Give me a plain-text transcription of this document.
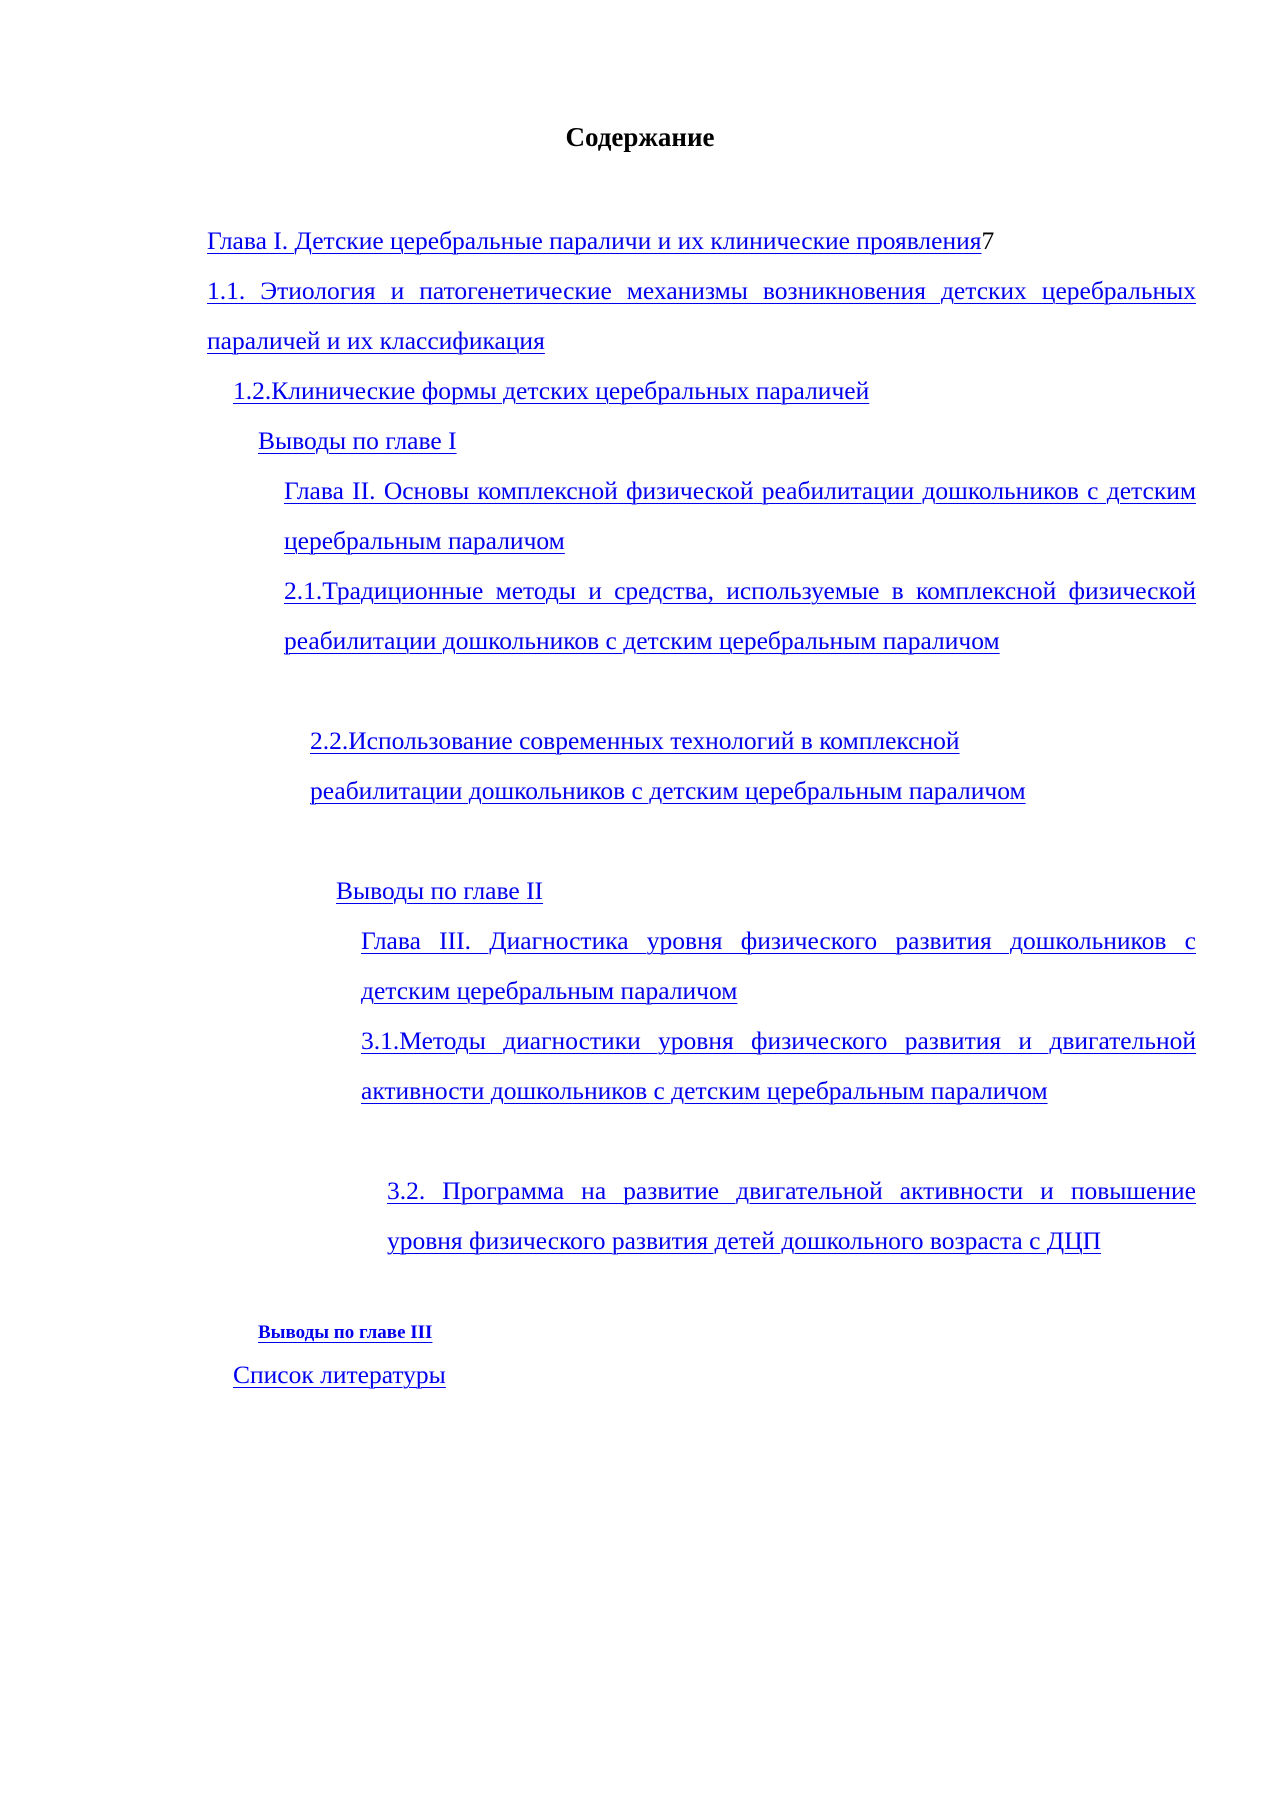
Содержание
Глава I. Детские церебральные параличи и их клинические проявления7
1.1. Этиология и патогенетические механизмы возникновения детских церебральных параличей и их классификация
1.2.Клинические формы детских церебральных параличей
Выводы по главе I
Глава II. Основы комплексной физической реабилитации дошкольников с детским церебральным параличом
2.1.Традиционные методы и средства, используемые в комплексной физической реабилитации дошкольников с детским церебральным параличом
2.2.Использование современных технологий в комплексной реабилитации дошкольников с детским церебральным параличом
Выводы по главе II
Глава III. Диагностика уровня физического развития дошкольников с детским церебральным параличом
3.1.Методы диагностики уровня физического развития и двигательной активности дошкольников с детским церебральным параличом
3.2. Программа на развитие двигательной активности и повышение уровня физического развития детей дошкольного возраста с ДЦП
Выводы по главе III
Список литературы
